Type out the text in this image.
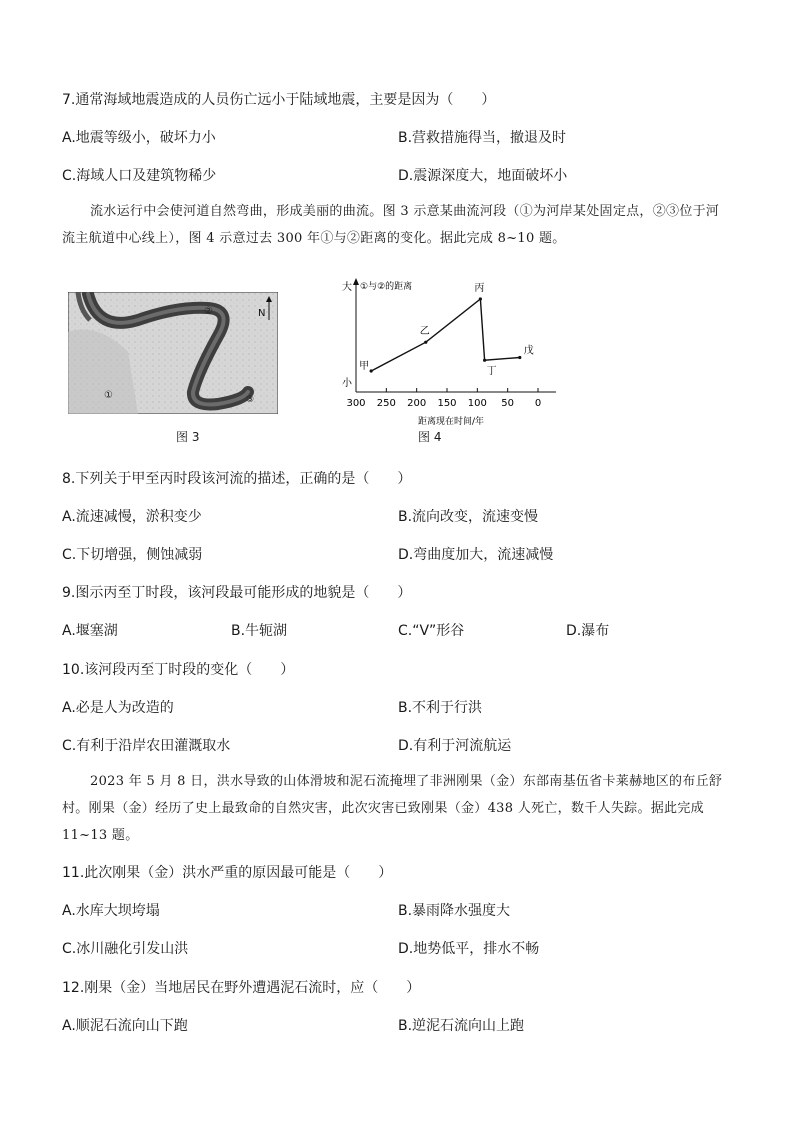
7.通常海域地震造成的人员伤亡远小于陆域地震，主要是因为（　　）
A.地震等级小，破坏力小	B.营救措施得当，撤退及时
C.海域人口及建筑物稀少	D.震源深度大，地面破坏小
流水运行中会使河道自然弯曲，形成美丽的曲流。图 3 示意某曲流河段（①为河岸某处固定点，②③位于河流主航道中心线上），图 4 示意过去 300 年①与②距离的变化。据此完成 8~10 题。
②
①	③
N
图 3
大
小
①与②的距离
距离现在时间/年
300 250 200 150 100 50 0
甲
乙
丙
丁
戊
图 4
8.下列关于甲至丙时段该河流的描述，正确的是（　　）
A.流速减慢，淤积变少	B.流向改变，流速变慢
C.下切增强，侧蚀减弱	D.弯曲度加大，流速减慢
9.图示丙至丁时段，该河段最可能形成的地貌是（　　）
A.堰塞湖	B.牛轭湖	C.“V”形谷	D.瀑布
10.该河段丙至丁时段的变化（　　）
A.必是人为改造的	B.不利于行洪
C.有利于沿岸农田灌溉取水	D.有利于河流航运
2023 年 5 月 8 日，洪水导致的山体滑坡和泥石流掩埋了非洲刚果（金）东部南基伍省卡莱赫地区的布丘舒村。刚果（金）经历了史上最致命的自然灾害，此次灾害已致刚果（金）438 人死亡，数千人失踪。据此完成 11~13 题。
11.此次刚果（金）洪水严重的原因最可能是（　　）
A.水库大坝垮塌	B.暴雨降水强度大
C.冰川融化引发山洪	D.地势低平，排水不畅
12.刚果（金）当地居民在野外遭遇泥石流时，应（　　）
A.顺泥石流向山下跑	B.逆泥石流向山上跑
